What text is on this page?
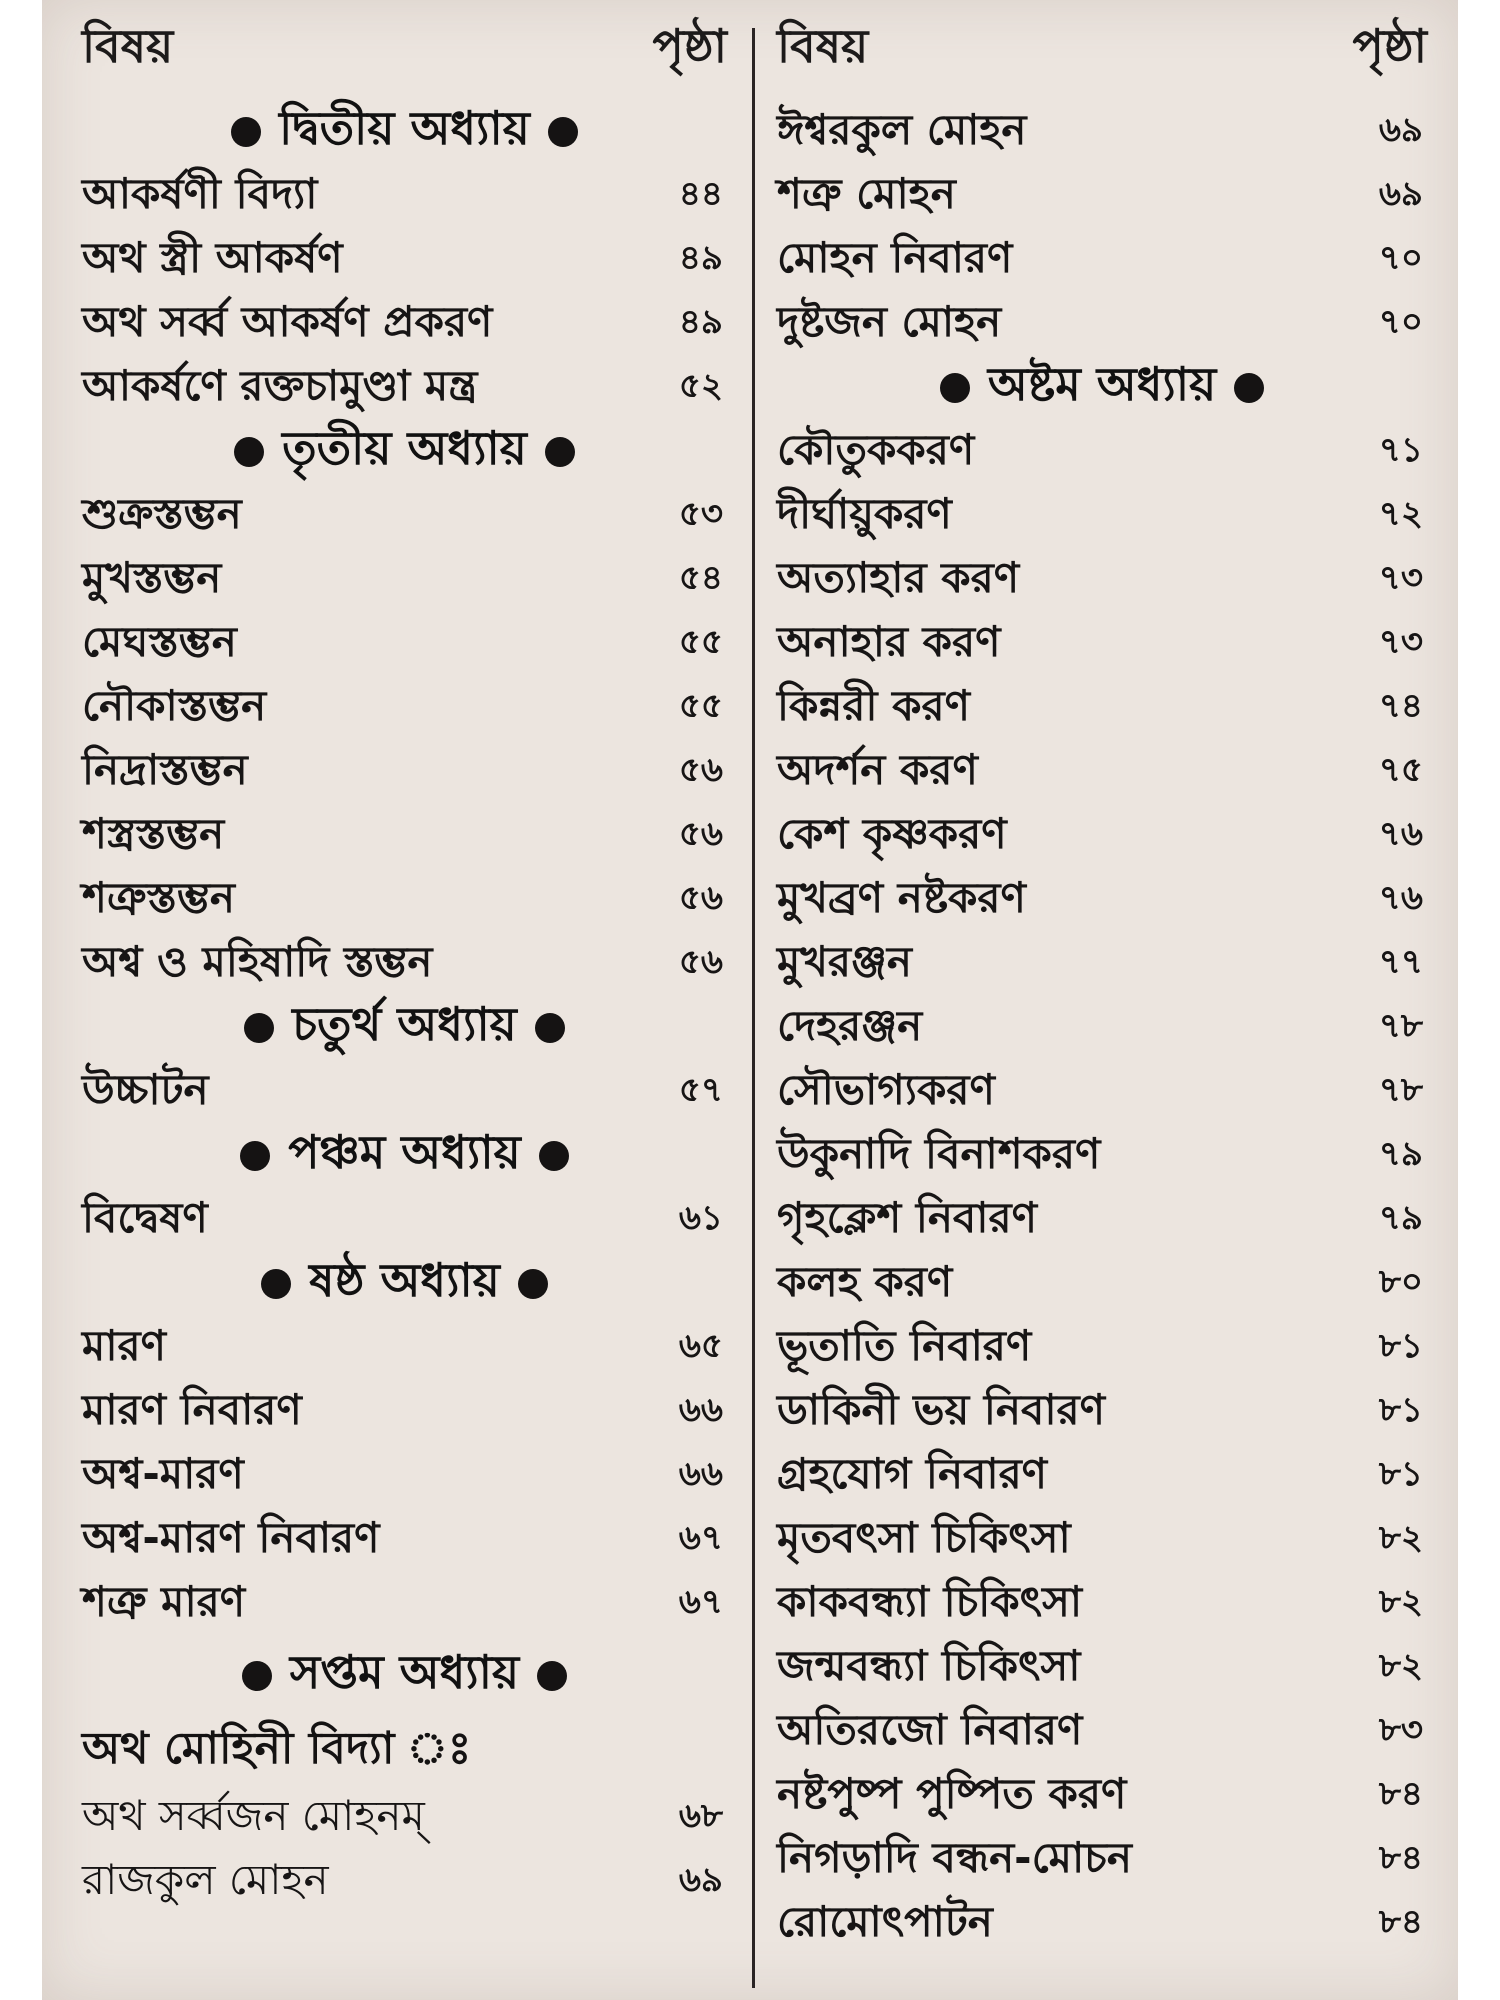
বিষয়	পৃষ্ঠা
দ্বিতীয় অধ্যায়
আকর্ষণী বিদ্যা	৪৪
অথ স্ত্রী আকর্ষণ	৪৯
অথ সর্ব্ব আকর্ষণ প্রকরণ	৪৯
আকর্ষণে রক্তচামুণ্ডা মন্ত্র	৫২
তৃতীয় অধ্যায়
শুক্রস্তম্ভন	৫৩
মুখস্তম্ভন	৫৪
মেঘস্তম্ভন	৫৫
নৌকাস্তম্ভন	৫৫
নিদ্রাস্তম্ভন	৫৬
শস্ত্রস্তম্ভন	৫৬
শত্রুস্তম্ভন	৫৬
অশ্ব ও মহিষাদি স্তম্ভন	৫৬
চতুর্থ অধ্যায়
উচ্চাটন	৫৭
পঞ্চম অধ্যায়
বিদ্বেষণ	৬১
ষষ্ঠ অধ্যায়
মারণ	৬৫
মারণ নিবারণ	৬৬
অশ্ব-মারণ	৬৬
অশ্ব-মারণ নিবারণ	৬৭
শত্রু মারণ	৬৭
সপ্তম অধ্যায়
অথ মোহিনী বিদ্যা ঃ
অথ সর্ব্বজন মোহনম্	৬৮
রাজকুল মোহন	৬৯
বিষয়	পৃষ্ঠা
ঈশ্বরকুল মোহন	৬৯
শত্রু মোহন	৬৯
মোহন নিবারণ	৭০
দুষ্টজন মোহন	৭০
অষ্টম অধ্যায়
কৌতুককরণ	৭১
দীর্ঘায়ুকরণ	৭২
অত্যাহার করণ	৭৩
অনাহার করণ	৭৩
কিন্নরী করণ	৭৪
অদর্শন করণ	৭৫
কেশ কৃষ্ণকরণ	৭৬
মুখব্রণ নষ্টকরণ	৭৬
মুখরঞ্জন	৭৭
দেহরঞ্জন	৭৮
সৌভাগ্যকরণ	৭৮
উকুনাদি বিনাশকরণ	৭৯
গৃহক্লেশ নিবারণ	৭৯
কলহ করণ	৮০
ভূতাতি নিবারণ	৮১
ডাকিনী ভয় নিবারণ	৮১
গ্রহযোগ নিবারণ	৮১
মৃতবৎসা চিকিৎসা	৮২
কাকবন্ধ্যা চিকিৎসা	৮২
জন্মবন্ধ্যা চিকিৎসা	৮২
অতিরজো নিবারণ	৮৩
নষ্টপুষ্প পুষ্পিত করণ	৮৪
নিগড়াদি বন্ধন-মোচন	৮৪
রোমোৎপাটন	৮৪
